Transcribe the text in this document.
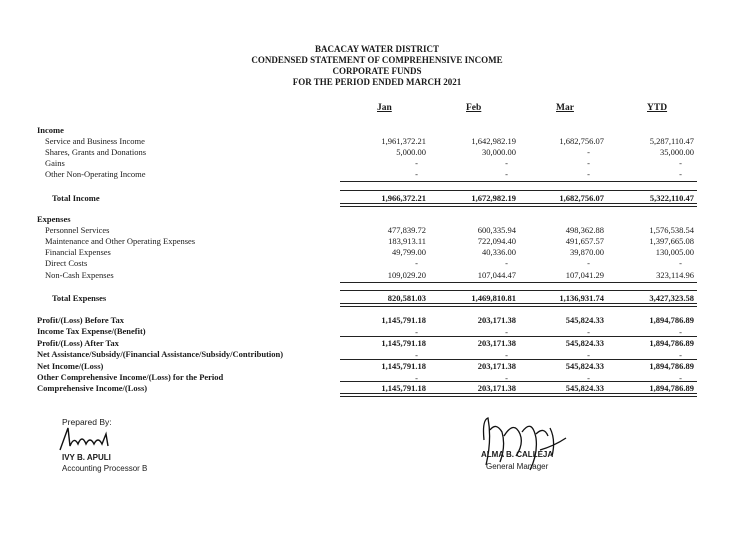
BACACAY WATER DISTRICT
CONDENSED STATEMENT OF COMPREHENSIVE INCOME
CORPORATE FUNDS
FOR THE PERIOD ENDED MARCH 2021
Jan	Feb	Mar	YTD
Income
Service and Business Income	1,961,372.21	1,642,982.19	1,682,756.07	5,287,110.47
Shares, Grants and Donations	5,000.00	30,000.00	-	35,000.00
Gains	-	-	-	-
Other Non-Operating Income	-	-	-	-
Total Income	1,966,372.21	1,672,982.19	1,682,756.07	5,322,110.47
Expenses
Personnel Services	477,839.72	600,335.94	498,362.88	1,576,538.54
Maintenance and Other Operating Expenses	183,913.11	722,094.40	491,657.57	1,397,665.08
Financial Expenses	49,799.00	40,336.00	39,870.00	130,005.00
Direct Costs	-	-	-	-
Non-Cash Expenses	109,029.20	107,044.47	107,041.29	323,114.96
Total Expenses	820,581.03	1,469,810.81	1,136,931.74	3,427,323.58
Profit/(Loss) Before Tax	1,145,791.18	203,171.38	545,824.33	1,894,786.89
Income Tax Expense/(Benefit)	-	-	-	-
Profit/(Loss) After Tax	1,145,791.18	203,171.38	545,824.33	1,894,786.89
Net Assistance/Subsidy/(Financial Assistance/Subsidy/Contribution)	-	-	-	-
Net Income/(Loss)	1,145,791.18	203,171.38	545,824.33	1,894,786.89
Other Comprehensive Income/(Loss) for the Period	-	-	-	-
Comprehensive Income/(Loss)	1,145,791.18	203,171.38	545,824.33	1,894,786.89
Prepared By:
IVY B. APULI
Accounting Processor B
ALMA B. CALLEJA
General Manager
